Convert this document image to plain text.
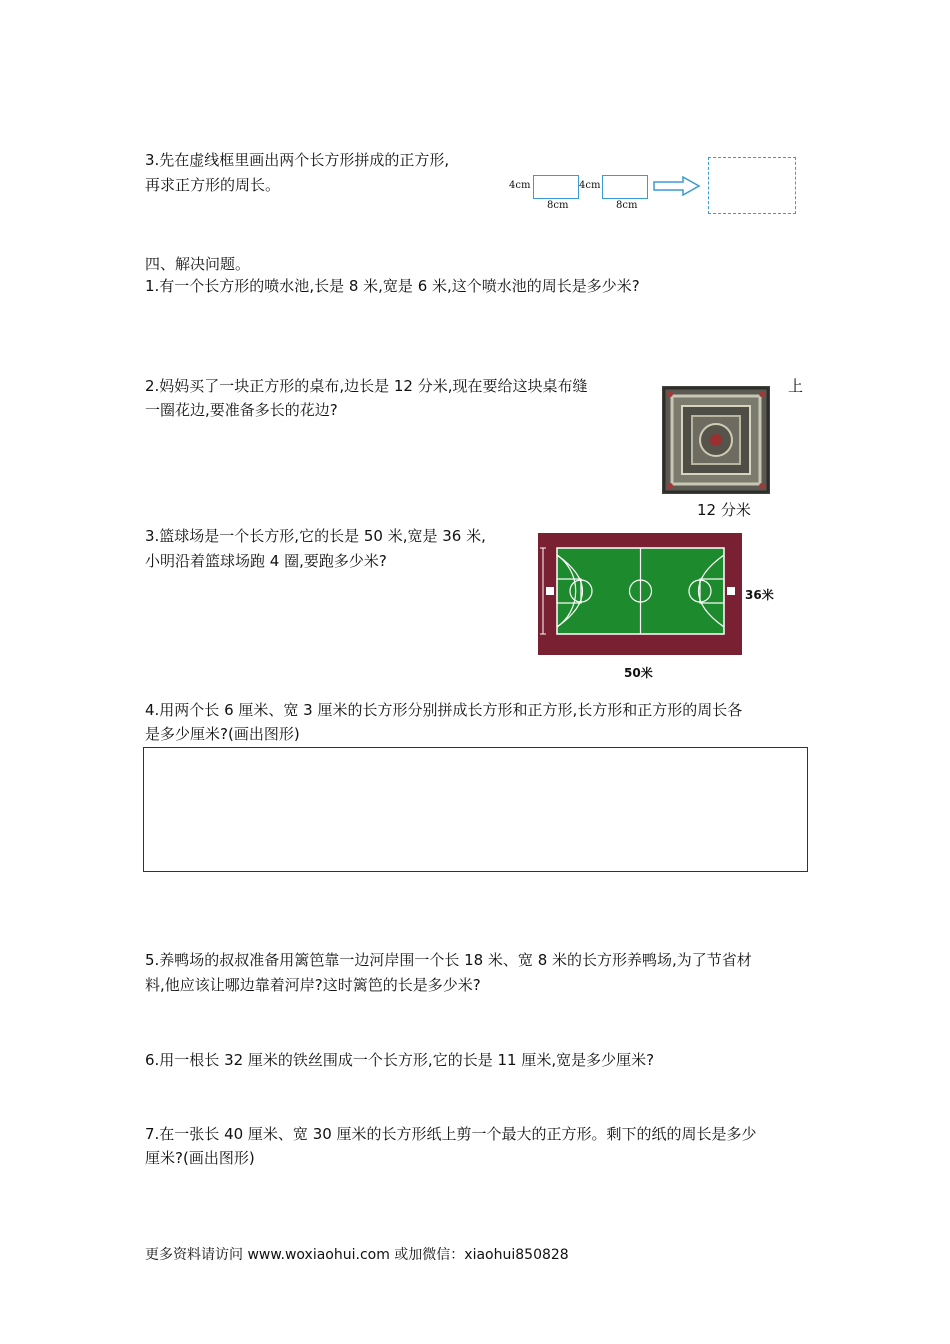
3.先在虚线框里画出两个长方形拼成的正方形,
再求正方形的周长。	4cm
8cm
4cm
8cm
四、解决问题。
1.有一个长方形的喷水池,长是 8 米,宽是 6 米,这个喷水池的周长是多少米?
2.妈妈买了一块正方形的桌布,边长是 12 分米,现在要给这块桌布缝	上
一圈花边,要准备多长的花边?
12 分米
3.篮球场是一个长方形,它的长是 50 米,宽是 36 米,
小明沿着篮球场跑 4 圈,要跑多少米?
36米
50米
4.用两个长 6 厘米、宽 3 厘米的长方形分别拼成长方形和正方形,长方形和正方形的周长各
是多少厘米?(画出图形)
5.养鸭场的叔叔准备用篱笆靠一边河岸围一个长 18 米、宽 8 米的长方形养鸭场,为了节省材
料,他应该让哪边靠着河岸?这时篱笆的长是多少米?
6.用一根长 32 厘米的铁丝围成一个长方形,它的长是 11 厘米,宽是多少厘米?
7.在一张长 40 厘米、宽 30 厘米的长方形纸上剪一个最大的正方形。剩下的纸的周长是多少
厘米?(画出图形)
更多资料请访问 www.woxiaohui.com 或加微信：xiaohui850828
